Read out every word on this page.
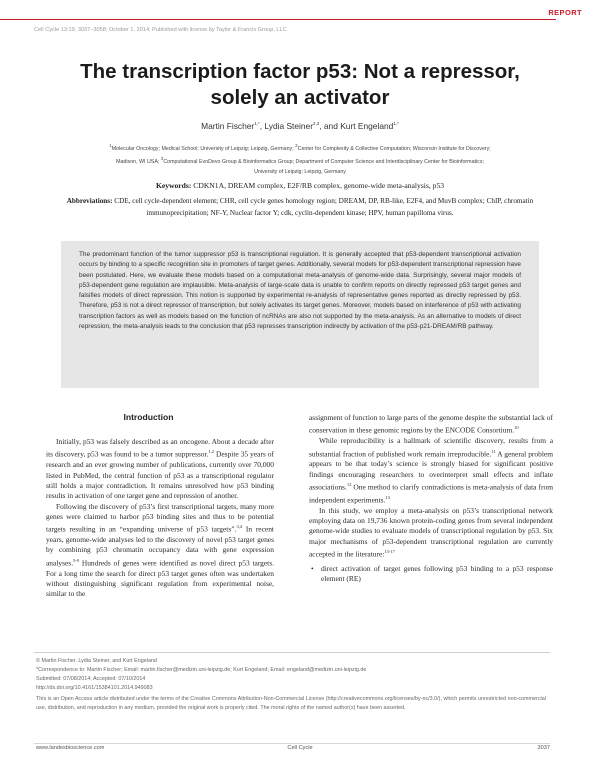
REPORT
Cell Cycle 13:19, 3037–3058; October 1, 2014; Published with license by Taylor & Francis Group, LLC
The transcription factor p53: Not a repressor,
solely an activator
Martin Fischer$^{1,*}$, Lydia Steiner$^{2,3}$, and Kurt Engeland$^{1,*}$
$^1$Molecular Oncology; Medical School; University of Leipzig; Leipzig, Germany; $^2$Center for Complexity & Collective Computation; Wisconsin Institute for Discovery;
Madison, WI USA; $^3$Computational EvoDevo Group & Bioinformatics Group; Department of Computer Science and Interdisciplinary Center for Bioinformatics;
University of Leipzig; Leipzig, Germany
Keywords: CDKN1A, DREAM complex, E2F/RB complex, genome-wide meta-analysis, p53
Abbreviations: CDE, cell cycle-dependent element; CHR, cell cycle genes homology region; DREAM, DP, RB-like, E2F4, and MuvB complex; ChIP, chromatin immunoprecipitation; NF-Y, Nuclear factor Y; cdk, cyclin-dependent kinase; HPV, human papilloma virus.
The predominant function of the tumor suppressor p53 is transcriptional regulation. It is generally accepted that p53-dependent transcriptional activation occurs by binding to a specific recognition site in promoters of target genes. Additionally, several models for p53-dependent transcriptional repression have been postulated. Here, we evaluate these models based on a computational meta-analysis of genome-wide data. Surprisingly, several major models of p53-dependent gene regulation are implausible. Meta-analysis of large-scale data is unable to confirm reports on directly repressed p53 target genes and falsifies models of direct repression. This notion is supported by experimental re-analysis of representative genes reported as directly repressed by p53. Therefore, p53 is not a direct repressor of transcription, but solely activates its target genes. Moreover, models based on interference of p53 with activating transcription factors as well as models based on the function of ncRNAs are also not supported by the meta-analysis. As an alternative to models of direct repression, the meta-analysis leads to the conclusion that p53 represses transcription indirectly by activation of the p53-p21-DREAM/RB pathway.
Introduction

Initially, p53 was falsely described as an oncogene. About a decade after its discovery, p53 was found to be a tumor suppressor.$^{1,2}$ Despite 35 years of research and an ever growing number of publications, currently over 70,000 listed in PubMed, the central function of p53 as a transcriptional regulator still holds a major contradiction. It remains unresolved how p53 binding results in activation of one target gene and repression of another.

Following the discovery of p53’s first transcriptional targets, many more genes were claimed to harbor p53 binding sites and thus to be potential targets resulting in an “expanding universe of p53 targets”.$^{3,4}$ In recent years, genome-wide analyses led to the discovery of novel p53 target genes by combining p53 chromatin occupancy data with gene expression analyses.$^{5-9}$ Hundreds of genes were identified as novel direct p53 targets. For a long time the search for direct p53 target genes often was undertaken without distinguishing significant regulation from experimental noise, similar to the

assignment of function to large parts of the genome despite the substantial lack of conservation in these genomic regions by the ENCODE Consortium.$^{10}$

While reproducibility is a hallmark of scientific discovery, results from a substantial fraction of published work remain irreproducible.$^{11}$ A general problem appears to be that today’s science is strongly biased for significant positive findings encouraging researchers to overinterpret small effects and inflate associations.$^{12}$ One method to clarify contradictions is meta-analysis of data from independent experiments.$^{13}$

In this study, we employ a meta-analysis on p53’s transcriptional network employing data on 19,736 known protein-coding genes from several independent genome-wide studies to evaluate models of transcriptional regulation by p53. Six major mechanisms of p53-dependent transcriptional regulation are currently accepted in the literature:$^{13-17}$

• direct activation of target genes following p53 binding to a p53 response element (RE)
© Martin Fischer, Lydia Steiner, and Kurt Engeland
*Correspondence to: Martin Fischer; Email: martin.fischer@medizin.uni-leipzig.de; Kurt Engeland; Email: engeland@medizin.uni-leipzig.de
Submitted: 07/08/2014; Accepted: 07/10/2014
http://dx.doi.org/10.4161/15384101.2014.949083
This is an Open Access article distributed under the terms of the Creative Commons Attribution-Non-Commercial License (http://creativecommons.org/licenses/by-nc/3.0/), which permits unrestricted non-commercial use, distribution, and reproduction in any medium, provided the original work is properly cited. The moral rights of the named author(s) have been asserted.
www.landesbioscience.com	Cell Cycle	3037
